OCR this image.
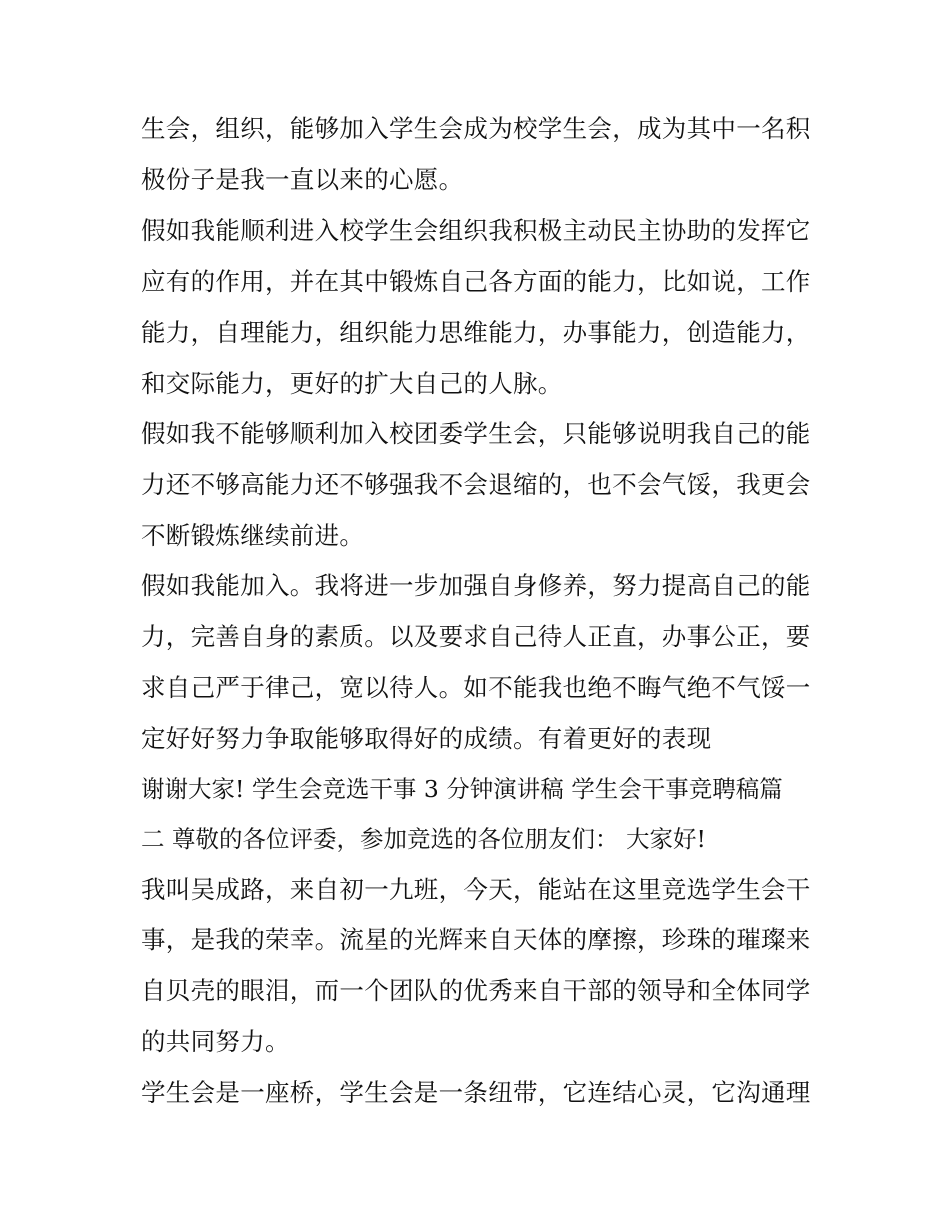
生会，组织，能够加入学生会成为校学生会，成为其中一名积
极份子是我一直以来的心愿。
假如我能顺利进入校学生会组织我积极主动民主协助的发挥它
应有的作用，并在其中锻炼自己各方面的能力，比如说，工作
能力，自理能力，组织能力思维能力，办事能力，创造能力，
和交际能力，更好的扩大自己的人脉。
假如我不能够顺利加入校团委学生会，只能够说明我自己的能
力还不够高能力还不够强我不会退缩的，也不会气馁，我更会
不断锻炼继续前进。
假如我能加入。我将进一步加强自身修养，努力提高自己的能
力，完善自身的素质。以及要求自己待人正直，办事公正，要
求自己严于律己，宽以待人。如不能我也绝不晦气绝不气馁一
定好好努力争取能够取得好的成绩。有着更好的表现
谢谢大家! 学生会竞选干事 3 分钟演讲稿 学生会干事竞聘稿篇
二 尊敬的各位评委，参加竞选的各位朋友们： 大家好!
我叫吴成路，来自初一九班，今天，能站在这里竞选学生会干
事，是我的荣幸。流星的光辉来自天体的摩擦，珍珠的璀璨来
自贝壳的眼泪，而一个团队的优秀来自干部的领导和全体同学
的共同努力。
学生会是一座桥，学生会是一条纽带，它连结心灵，它沟通理
